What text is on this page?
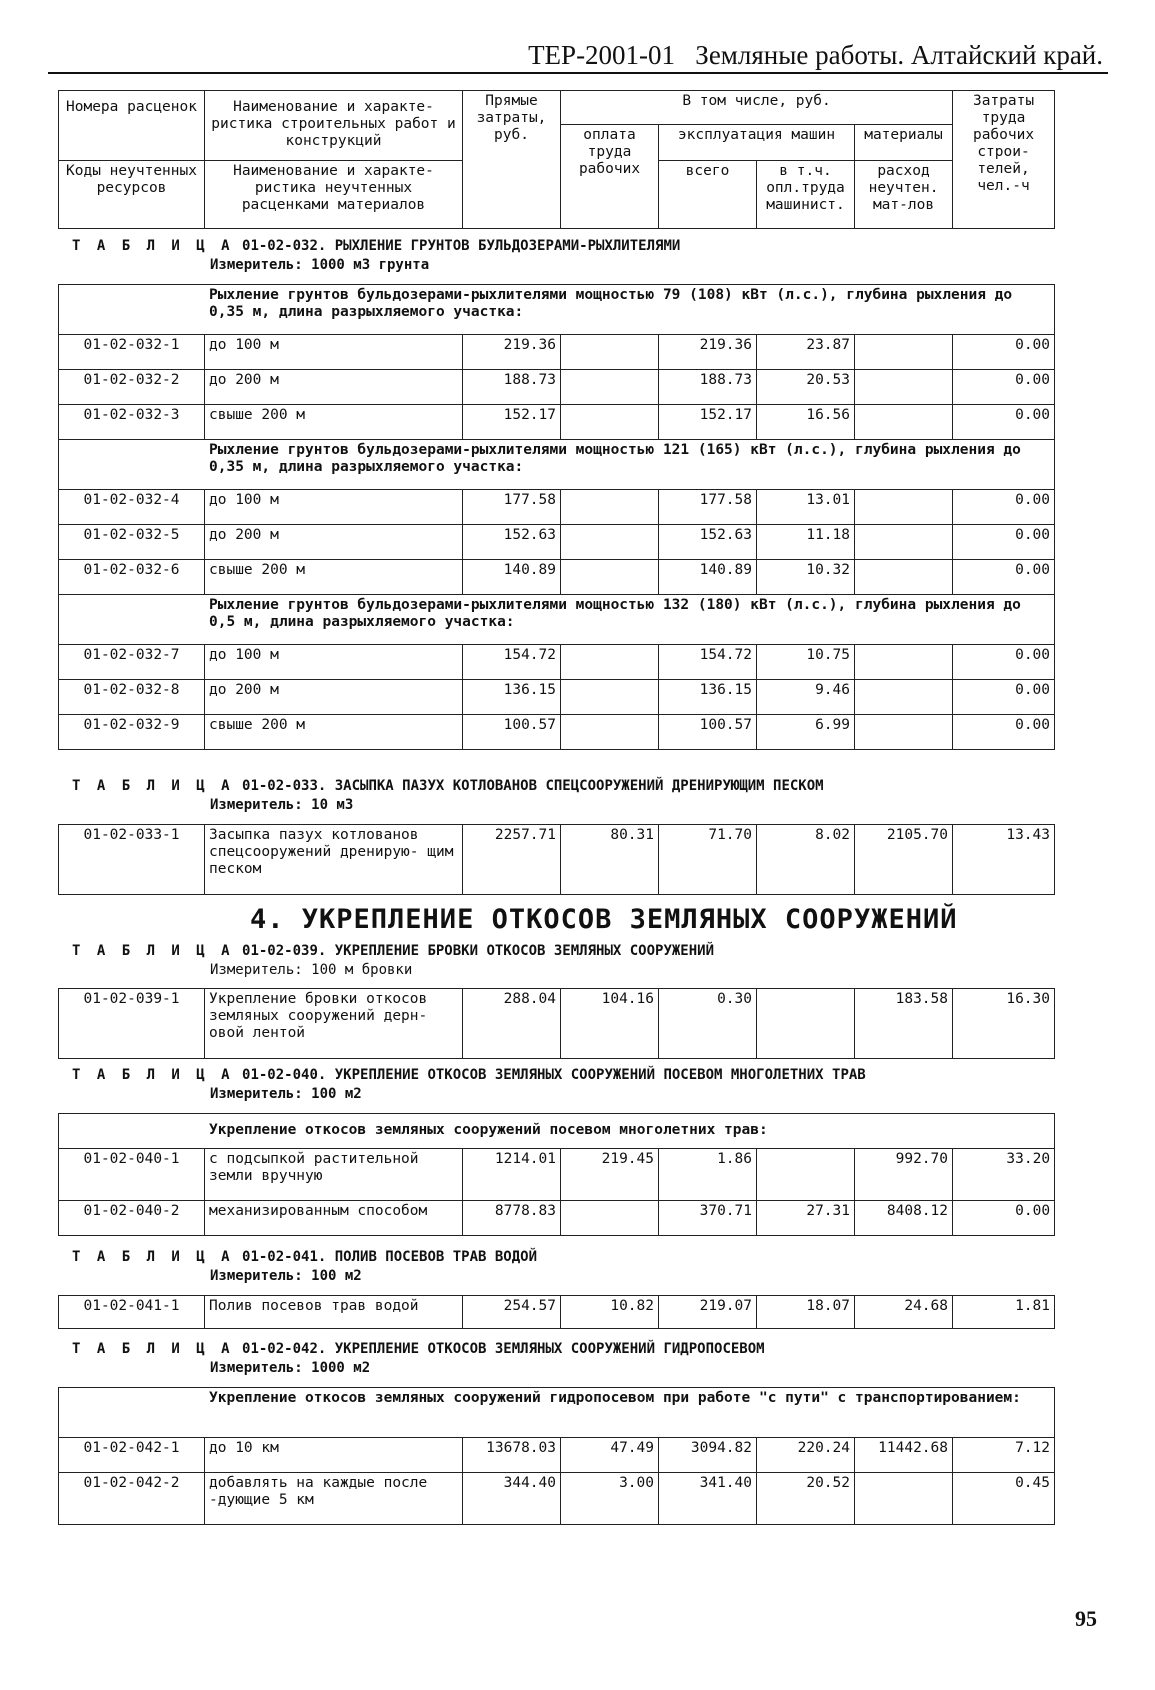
ТЕР-2001-01 Земляные работы. Алтайский край.
Номера расценок	Наименование и характе- ристика строительных работ и конструкций	Прямые затраты, руб.	В том числе, руб.				Затраты труда рабочих строи- телей, чел.-ч
			оплата труда рабочих	эксплуатация машин		материалы	
Коды неучтенных ресурсов	Наименование и характе- ристика неучтенных расценками материалов			всего	в т.ч. опл.труда машинист.	расход неучтен. мат-лов	
Т А Б Л И Ц А 01-02-032. РЫХЛЕНИЕ ГРУНТОВ БУЛЬДОЗЕРАМИ-РЫХЛИТЕЛЯМИ
Измеритель: 1000 м3 грунта
Рыхление грунтов бульдозерами-рыхлителями мощностью 79 (108) кВт (л.с.), глубина рыхления до 0,35 м, длина разрыхляемого участка:							
01-02-032-1	до 100 м	219.36		219.36	23.87		0.00
01-02-032-2	до 200 м	188.73		188.73	20.53		0.00
01-02-032-3	свыше 200 м	152.17		152.17	16.56		0.00
Рыхление грунтов бульдозерами-рыхлителями мощностью 121 (165) кВт (л.с.), глубина рыхления до 0,35 м, длина разрыхляемого участка:							
01-02-032-4	до 100 м	177.58		177.58	13.01		0.00
01-02-032-5	до 200 м	152.63		152.63	11.18		0.00
01-02-032-6	свыше 200 м	140.89		140.89	10.32		0.00
Рыхление грунтов бульдозерами-рыхлителями мощностью 132 (180) кВт (л.с.), глубина рыхления до 0,5 м, длина разрыхляемого участка:							
01-02-032-7	до 100 м	154.72		154.72	10.75		0.00
01-02-032-8	до 200 м	136.15		136.15	9.46		0.00
01-02-032-9	свыше 200 м	100.57		100.57	6.99		0.00
Т А Б Л И Ц А 01-02-033. ЗАСЫПКА ПАЗУХ КОТЛОВАНОВ СПЕЦСООРУЖЕНИЙ ДРЕНИРУЮЩИМ ПЕСКОМ
Измеритель: 10 м3
01-02-033-1	Засыпка пазух котлованов спецсооружений дренирую- щим песком	2257.71	80.31	71.70	8.02	2105.70	13.43
4. УКРЕПЛЕНИЕ ОТКОСОВ ЗЕМЛЯНЫХ СООРУЖЕНИЙ
Т А Б Л И Ц А 01-02-039. УКРЕПЛЕНИЕ БРОВКИ ОТКОСОВ ЗЕМЛЯНЫХ СООРУЖЕНИЙ
Измеритель: 100 м бровки
01-02-039-1	Укрепление бровки откосов земляных сооружений дерн- овой лентой	288.04	104.16	0.30		183.58	16.30
Т А Б Л И Ц А 01-02-040. УКРЕПЛЕНИЕ ОТКОСОВ ЗЕМЛЯНЫХ СООРУЖЕНИЙ ПОСЕВОМ МНОГОЛЕТНИХ ТРАВ
Измеритель: 100 м2
Укрепление откосов земляных сооружений посевом многолетних трав:							
01-02-040-1	с подсыпкой растительной земли вручную	1214.01	219.45	1.86		992.70	33.20
01-02-040-2	механизированным способом	8778.83		370.71	27.31	8408.12	0.00
Т А Б Л И Ц А 01-02-041. ПОЛИВ ПОСЕВОВ ТРАВ ВОДОЙ
Измеритель: 100 м2
01-02-041-1	Полив посевов трав водой	254.57	10.82	219.07	18.07	24.68	1.81
Т А Б Л И Ц А 01-02-042. УКРЕПЛЕНИЕ ОТКОСОВ ЗЕМЛЯНЫХ СООРУЖЕНИЙ ГИДРОПОСЕВОМ
Измеритель: 1000 м2
Укрепление откосов земляных сооружений гидропосевом при работе "с пути" с транспортированием:							
01-02-042-1	до 10 км	13678.03	47.49	3094.82	220.24	11442.68	7.12
01-02-042-2	добавлять на каждые после -дующие 5 км	344.40	3.00	341.40	20.52		0.45
95
